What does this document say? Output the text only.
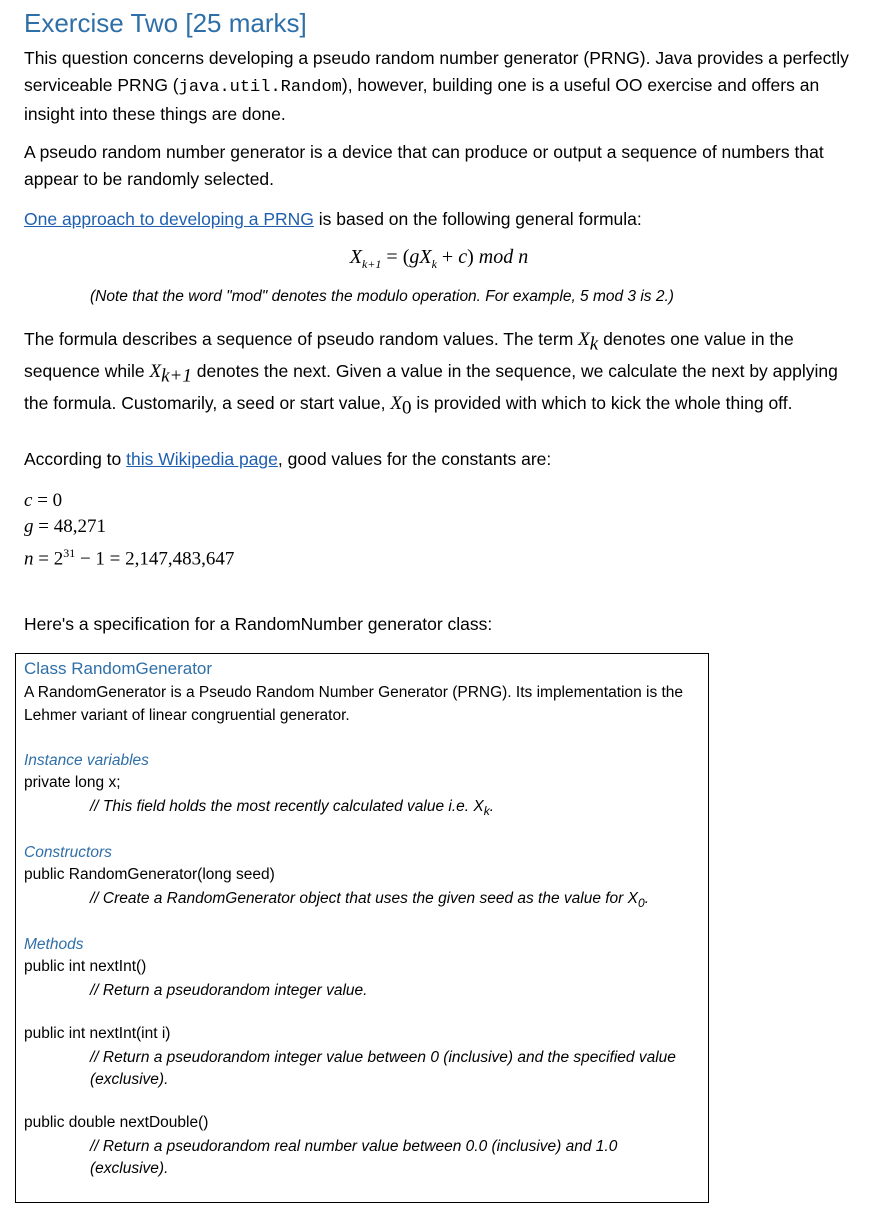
Exercise Two [25 marks]
This question concerns developing a pseudo random number generator (PRNG). Java provides a perfectly serviceable PRNG (java.util.Random), however, building one is a useful OO exercise and offers an insight into these things are done.
A pseudo random number generator is a device that can produce or output a sequence of numbers that appear to be randomly selected.
One approach to developing a PRNG is based on the following general formula:
$X_{k+1} = (gX_k + c)$ mod n
(Note that the word "mod" denotes the modulo operation. For example, 5 mod 3 is 2.)
The formula describes a sequence of pseudo random values. The term $X_k$ denotes one value in the sequence while $X_{k+1}$ denotes the next. Given a value in the sequence, we calculate the next by applying the formula. Customarily, a seed or start value, $X_0$ is provided with which to kick the whole thing off.
According to this Wikipedia page, good values for the constants are:
c = 0
g = 48,271
$n = 2^{31} - 1 = 2,147,483,647$
Here's a specification for a RandomNumber generator class:
Class RandomGenerator
A RandomGenerator is a Pseudo Random Number Generator (PRNG). Its implementation is the Lehmer variant of linear congruential generator.
Instance variables
private long x;
// This field holds the most recently calculated value i.e. $X_k$.
Constructors
public RandomGenerator(long seed)
// Create a RandomGenerator object that uses the given seed as the value for $X_0$.
Methods
public int nextInt()
// Return a pseudorandom integer value.
public int nextInt(int i)
// Return a pseudorandom integer value between 0 (inclusive) and the specified value (exclusive).
public double nextDouble()
// Return a pseudorandom real number value between 0.0 (inclusive) and 1.0 (exclusive).
